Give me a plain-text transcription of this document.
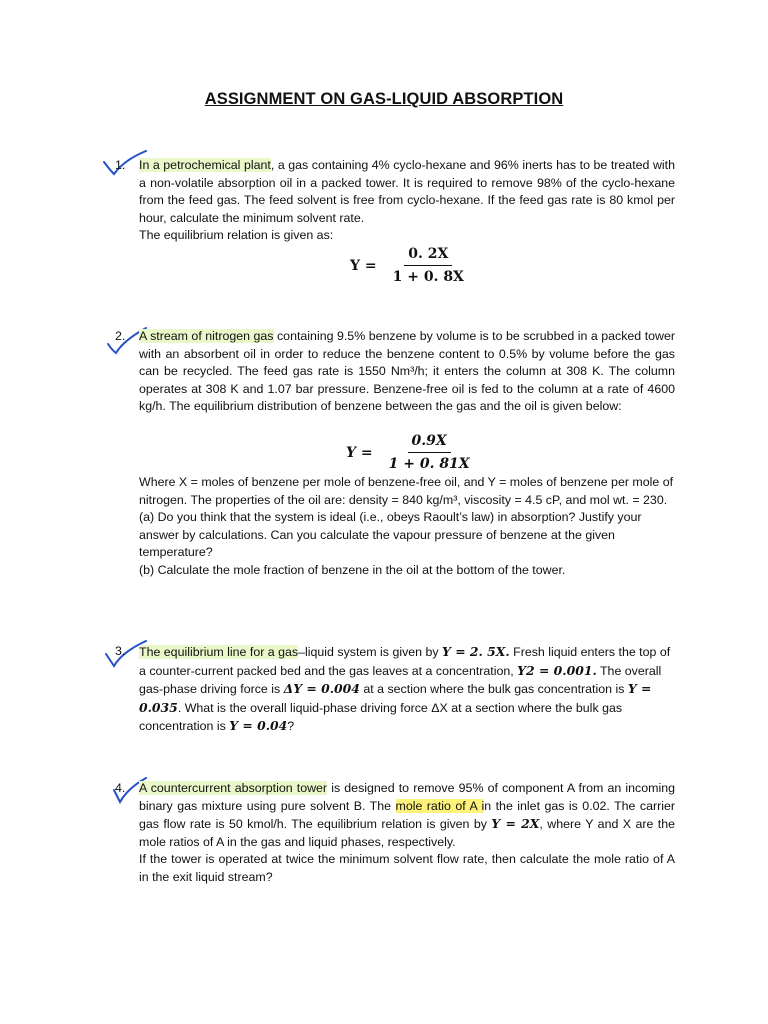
ASSIGNMENT ON GAS-LIQUID ABSORPTION
1. In a petrochemical plant, a gas containing 4% cyclo-hexane and 96% inerts has to be treated with a non-volatile absorption oil in a packed tower. It is required to remove 98% of the cyclo-hexane from the feed gas. The feed solvent is free from cyclo-hexane. If the feed gas rate is 80 kmol per hour, calculate the minimum solvent rate.

The equilibrium relation is given as:

$Y = \frac{0. 2X}{1 + 0. 8X}$
2. A stream of nitrogen gas containing 9.5% benzene by volume is to be scrubbed in a packed tower with an absorbent oil in order to reduce the benzene content to 0.5% by volume before the gas can be recycled. The feed gas rate is 1550 Nm³/h; it enters the column at 308 K. The column operates at 308 K and 1.07 bar pressure. Benzene-free oil is fed to the column at a rate of 4600 kg/h. The equilibrium distribution of benzene between the gas and the oil is given below:

$Y = \frac{0.9X}{1 + 0. 81X}$

Where X = moles of benzene per mole of benzene-free oil, and Y = moles of benzene per mole of nitrogen. The properties of the oil are: density = 840 kg/m³, viscosity = 4.5 cP, and mol wt. = 230.

(a) Do you think that the system is ideal (i.e., obeys Raoult’s law) in absorption? Justify your answer by calculations. Can you calculate the vapour pressure of benzene at the given temperature?

(b) Calculate the mole fraction of benzene in the oil at the bottom of the tower.

3. The equilibrium line for a gas–liquid system is given by Y = 2. 5X. Fresh liquid enters the top of a counter-current packed bed and the gas leaves at a concentration, Y2 = 0.001. The overall gas-phase driving force is ΔY = 0.004 at a section where the bulk gas concentration is Y = 0.035. What is the overall liquid-phase driving force ΔX at a section where the bulk gas concentration is Y = 0.04?

4. A countercurrent absorption tower is designed to remove 95% of component A from an incoming binary gas mixture using pure solvent B. The mole ratio of A in the inlet gas is 0.02. The carrier gas flow rate is 50 kmol/h. The equilibrium relation is given by Y = 2X, where Y and X are the mole ratios of A in the gas and liquid phases, respectively.

If the tower is operated at twice the minimum solvent flow rate, then calculate the mole ratio of A in the exit liquid stream?
